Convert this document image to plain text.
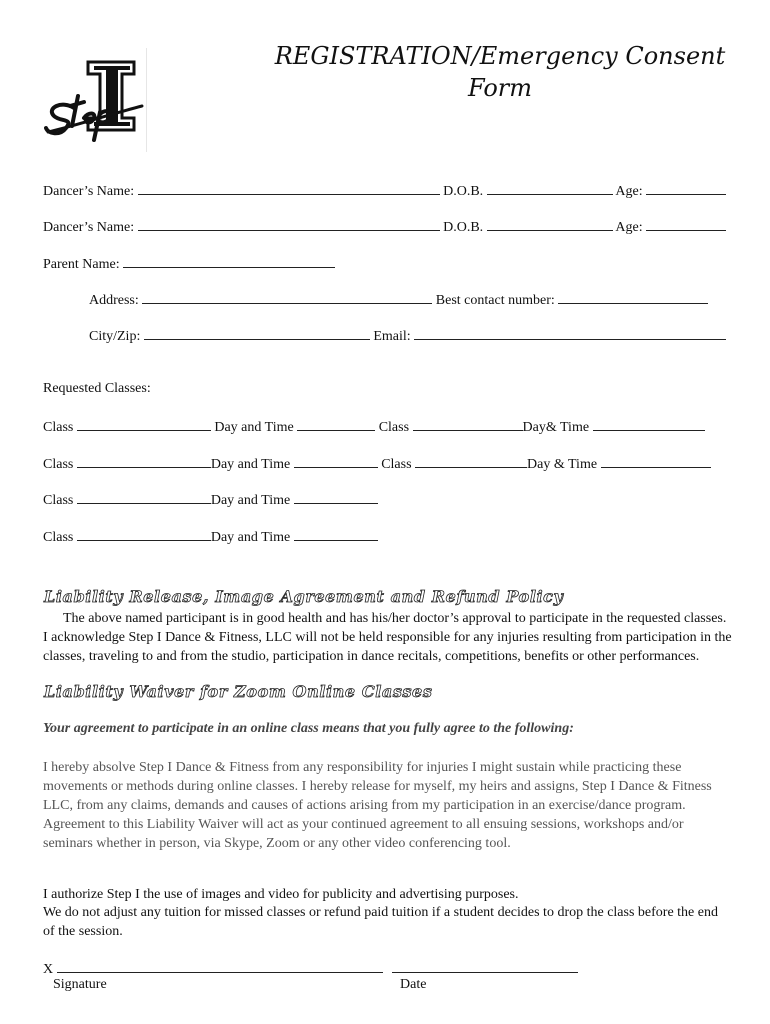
REGISTRATION/Emergency Consent
Form
Dancer’s Name:	D.O.B.	Age:
Dancer’s Name:	D.O.B.	Age:
Parent Name:
Address:	Best contact number:
City/Zip:	Email:
Requested Classes:
Class	Day and Time	Class	Day& Time
Class	Day and Time	Class	Day & Time
Class	Day and Time
Class	Day and Time
Liability Release, Image Agreement and Refund Policy
The above named participant is in good health and has his/her doctor’s approval to participate in the requested classes. I acknowledge Step I Dance & Fitness, LLC will not be held responsible for any injuries resulting from participation in the classes, traveling to and from the studio, participation in dance recitals, competitions, benefits or other performances.
Liability Waiver for Zoom Online Classes
Your agreement to participate in an online class means that you fully agree to the following:
I hereby absolve Step I Dance & Fitness from any responsibility for injuries I might sustain while practicing these movements or methods during online classes. I hereby release for myself, my heirs and assigns, Step I Dance & Fitness LLC, from any claims, demands and causes of actions arising from my participation in an exercise/dance program. Agreement to this Liability Waiver will act as your continued agreement to all ensuing sessions, workshops and/or seminars whether in person, via Skype, Zoom or any other video conferencing tool.
I authorize Step I the use of images and video for publicity and advertising purposes.
We do not adjust any tuition for missed classes or refund paid tuition if a student decides to drop the class before the end of the session.
X
Signature	Date
